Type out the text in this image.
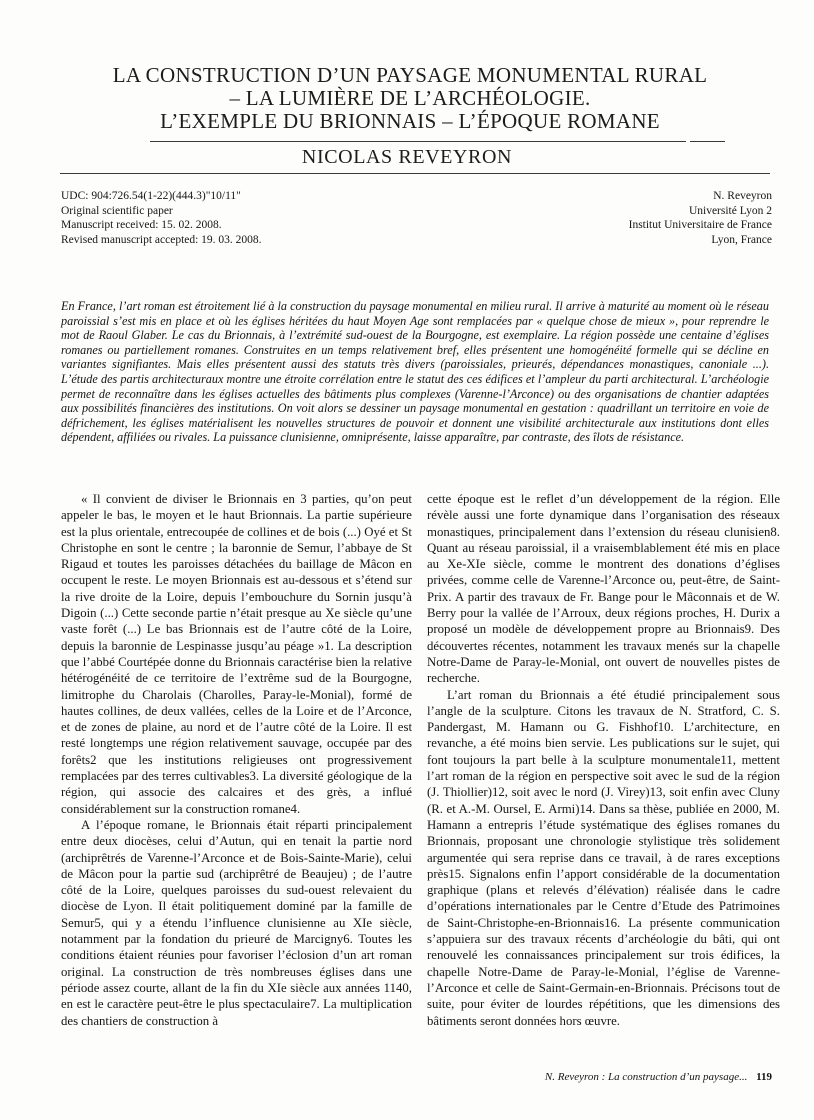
LA CONSTRUCTION D’UN PAYSAGE MONUMENTAL RURAL
– LA LUMIÈRE DE L’ARCHÉOLOGIE.
L’EXEMPLE DU BRIONNAIS – L’ÉPOQUE ROMANE
NICOLAS REVEYRON
UDC: 904:726.54(1-22)(444.3)"10/11"
Original scientific paper
Manuscript received: 15. 02. 2008.
Revised manuscript accepted: 19. 03. 2008.
N. Reveyron
Université Lyon 2
Institut Universitaire de France
Lyon, France

En France, l’art roman est étroitement lié à la construction du paysage monumental en milieu rural. Il arrive à maturité au moment où le réseau paroissial s’est mis en place et où les églises héritées du haut Moyen Age sont remplacées par « quelque chose de mieux », pour reprendre le mot de Raoul Glaber. Le cas du Brionnais, à l’extrémité sud-ouest de la Bourgogne, est exemplaire. La région possède une centaine d’églises romanes ou partiellement romanes. Construites en un temps relativement bref, elles présentent une homogénéité formelle qui se décline en variantes signifiantes. Mais elles présentent aussi des statuts très divers (paroissiales, prieurés, dépendances monastiques, canoniale ...). L’étude des partis architecturaux montre une étroite corrélation entre le statut des ces édifices et l’ampleur du parti architectural. L’archéologie permet de reconnaître dans les églises actuelles des bâtiments plus complexes (Varenne-l’Arconce) ou des organisations de chantier adaptées aux possibilités financières des institutions. On voit alors se dessiner un paysage monumental en gestation : quadrillant un territoire en voie de défrichement, les églises matérialisent les nouvelles structures de pouvoir et donnent une visibilité architecturale aux institutions dont elles dépendent, affiliées ou rivales. La puissance clunisienne, omniprésente, laisse apparaître, par contraste, des îlots de résistance.

« Il convient de diviser le Brionnais en 3 parties, qu’on peut appeler le bas, le moyen et le haut Brionnais. La partie supérieure est la plus orientale, entrecoupée de collines et de bois (...) Oyé et St Christophe en sont le centre ; la baronnie de Semur, l’abbaye de St Rigaud et toutes les paroisses détachées du baillage de Mâcon en occupent le reste. Le moyen Brionnais est au-dessous et s’étend sur la rive droite de la Loire, depuis l’embouchure du Sornin jusqu’à Digoin (...) Cette seconde partie n’était presque au Xe siècle qu’une vaste forêt (...) Le bas Brionnais est de l’autre côté de la Loire, depuis la baronnie de Lespinasse jusqu’au péage »1. La description que l’abbé Courtépée donne du Brionnais caractérise bien la relative hétérogénéité de ce territoire de l’extrême sud de la Bourgogne, limitrophe du Charolais (Charolles, Paray-le-Monial), formé de hautes collines, de deux vallées, celles de la Loire et de l’Arconce, et de zones de plaine, au nord et de l’autre côté de la Loire. Il est resté longtemps une région relativement sauvage, occupée par des forêts2 que les institutions religieuses ont progressivement remplacées par des terres cultivables3. La diversité géologique de la région, qui associe des calcaires et des grès, a influé considérablement sur la construction romane4.

A l’époque romane, le Brionnais était réparti principalement entre deux diocèses, celui d’Autun, qui en tenait la partie nord (archiprêtrés de Varenne-l’Arconce et de Bois-Sainte-Marie), celui de Mâcon pour la partie sud (archiprêtré de Beaujeu) ; de l’autre côté de la Loire, quelques paroisses du sud-ouest relevaient du diocèse de Lyon. Il était politiquement dominé par la famille de Semur5, qui y a étendu l’influence clunisienne au XIe siècle, notamment par la fondation du prieuré de Marcigny6. Toutes les conditions étaient réunies pour favoriser l’éclosion d’un art roman original. La construction de très nombreuses églises dans une période assez courte, allant de la fin du XIe siècle aux années 1140, en est le caractère peut-être le plus spectaculaire7. La multiplication des chantiers de construction à

cette époque est le reflet d’un développement de la région. Elle révèle aussi une forte dynamique dans l’organisation des réseaux monastiques, principalement dans l’extension du réseau clunisien8. Quant au réseau paroissial, il a vraisemblablement été mis en place au Xe-XIe siècle, comme le montrent des donations d’églises privées, comme celle de Varenne-l’Arconce ou, peut-être, de Saint-Prix. A partir des travaux de Fr. Bange pour le Mâconnais et de W. Berry pour la vallée de l’Arroux, deux régions proches, H. Durix a proposé un modèle de développement propre au Brionnais9. Des découvertes récentes, notamment les travaux menés sur la chapelle Notre-Dame de Paray-le-Monial, ont ouvert de nouvelles pistes de recherche.

L’art roman du Brionnais a été étudié principalement sous l’angle de la sculpture. Citons les travaux de N. Stratford, C. S. Pandergast, M. Hamann ou G. Fishhof10. L’architecture, en revanche, a été moins bien servie. Les publications sur le sujet, qui font toujours la part belle à la sculpture monumentale11, mettent l’art roman de la région en perspective soit avec le sud de la région (J. Thiollier)12, soit avec le nord (J. Virey)13, soit enfin avec Cluny (R. et A.-M. Oursel, E. Armi)14. Dans sa thèse, publiée en 2000, M. Hamann a entrepris l’étude systématique des églises romanes du Brionnais, proposant une chronologie stylistique très solidement argumentée qui sera reprise dans ce travail, à de rares exceptions près15. Signalons enfin l’apport considérable de la documentation graphique (plans et relevés d’élévation) réalisée dans le cadre d’opérations internationales par le Centre d’Etude des Patrimoines de Saint-Christophe-en-Brionnais16. La présente communication s’appuiera sur des travaux récents d’archéologie du bâti, qui ont renouvelé les connaissances principalement sur trois édifices, la chapelle Notre-Dame de Paray-le-Monial, l’église de Varenne-l’Arconce et celle de Saint-Germain-en-Brionnais. Précisons tout de suite, pour éviter de lourdes répétitions, que les dimensions des bâtiments seront données hors œuvre.

N. Reveyron : La construction d’un paysage... 119
